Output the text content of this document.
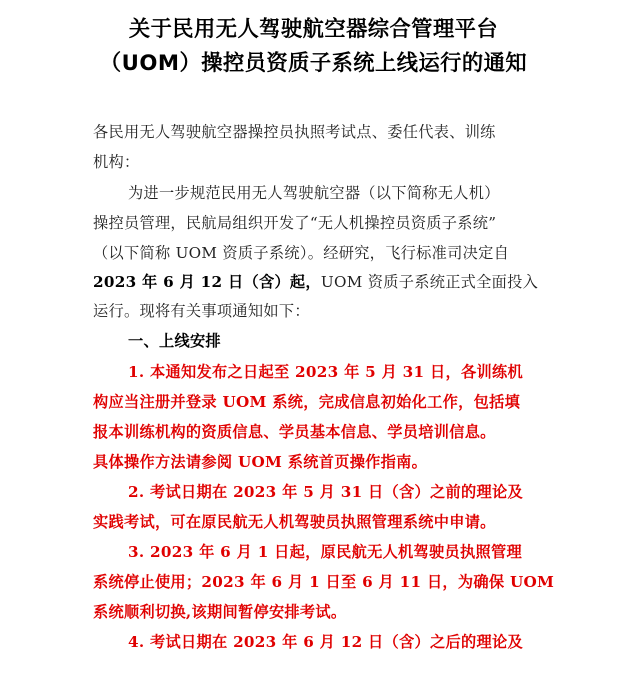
关于民用无人驾驶航空器综合管理平台
（UOM）操控员资质子系统上线运行的通知
各民用无人驾驶航空器操控员执照考试点、委任代表、训练
机构：
为进一步规范民用无人驾驶航空器（以下简称无人机）
操控员管理，民航局组织开发了“无人机操控员资质子系统”
（以下简称 UOM 资质子系统）。经研究，飞行标准司决定自
2023 年 6 月 12 日（含）起，UOM 资质子系统正式全面投入
运行。现将有关事项通知如下：
一、上线安排
1. 本通知发布之日起至 2023 年 5 月 31 日，各训练机
构应当注册并登录 UOM 系统，完成信息初始化工作，包括填
报本训练机构的资质信息、学员基本信息、学员培训信息。
具体操作方法请参阅 UOM 系统首页操作指南。
2. 考试日期在 2023 年 5 月 31 日（含）之前的理论及
实践考试，可在原民航无人机驾驶员执照管理系统中申请。
3. 2023 年 6 月 1 日起，原民航无人机驾驶员执照管理
系统停止使用；2023 年 6 月 1 日至 6 月 11 日，为确保 UOM
系统顺利切换,该期间暂停安排考试。
4. 考试日期在 2023 年 6 月 12 日（含）之后的理论及
